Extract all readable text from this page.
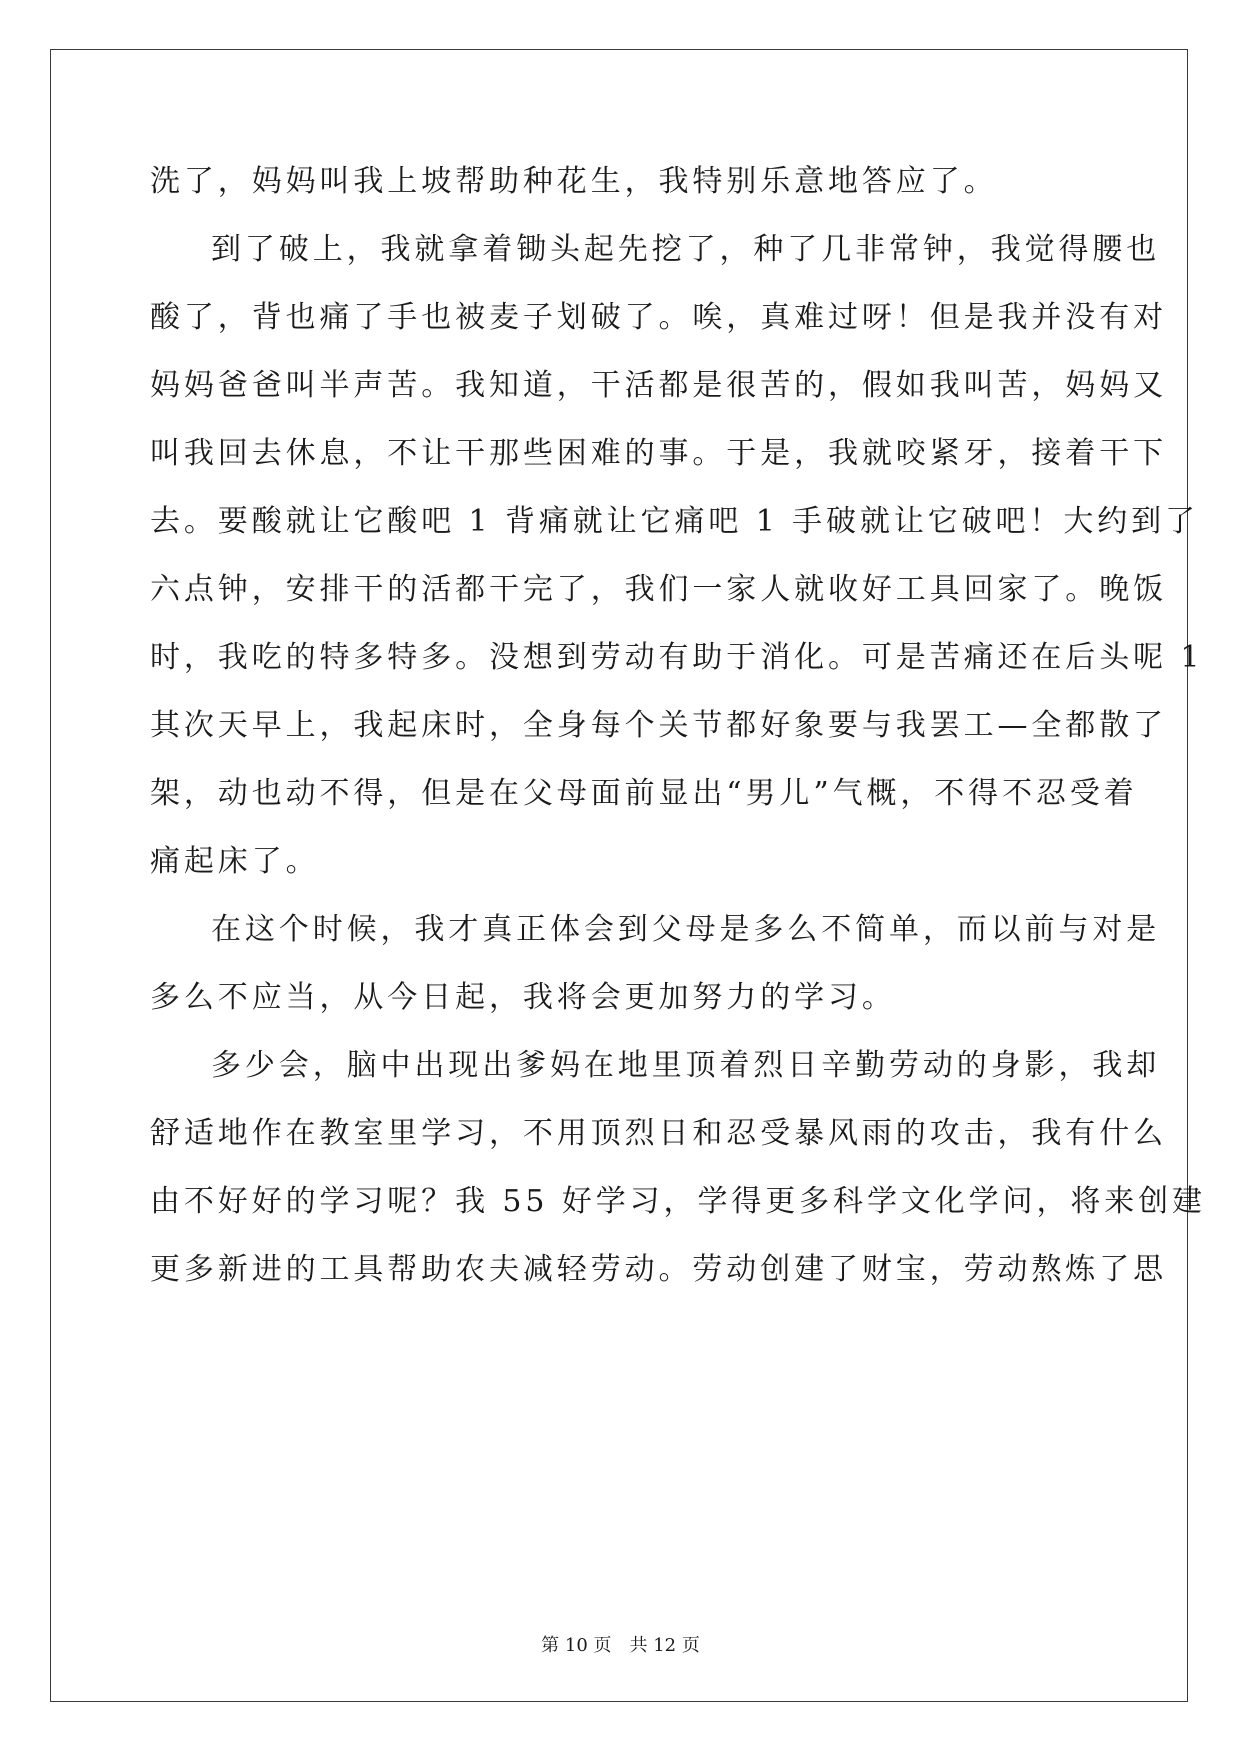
洗了，妈妈叫我上坡帮助种花生，我特别乐意地答应了。
到了破上，我就拿着锄头起先挖了，种了几非常钟，我觉得腰也
酸了，背也痛了手也被麦子划破了。唉，真难过呀！但是我并没有对
妈妈爸爸叫半声苦。我知道，干活都是很苦的，假如我叫苦，妈妈又
叫我回去休息，不让干那些困难的事。于是，我就咬紧牙，接着干下
去。要酸就让它酸吧 1 背痛就让它痛吧 1 手破就让它破吧！大约到了
六点钟，安排干的活都干完了，我们一家人就收好工具回家了。晚饭
时，我吃的特多特多。没想到劳动有助于消化。可是苦痛还在后头呢 1
其次天早上，我起床时，全身每个关节都好象要与我罢工—全都散了
架，动也动不得，但是在父母面前显出“男儿”气概，不得不忍受着
痛起床了。
在这个时候，我才真正体会到父母是多么不简单，而以前与对是
多么不应当，从今日起，我将会更加努力的学习。
多少会，脑中出现出爹妈在地里顶着烈日辛勤劳动的身影，我却
舒适地作在教室里学习，不用顶烈日和忍受暴风雨的攻击，我有什么
由不好好的学习呢？我 55 好学习，学得更多科学文化学问，将来创建
更多新进的工具帮助农夫减轻劳动。劳动创建了财宝，劳动熬炼了思
第 10 页　共 12 页
